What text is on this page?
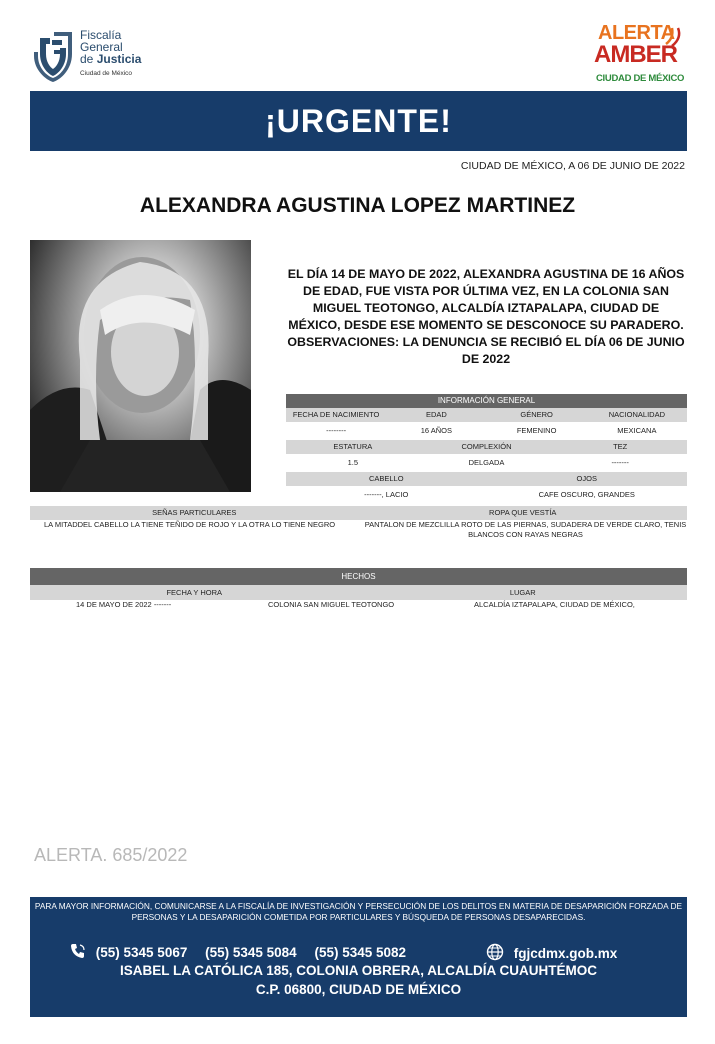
Fiscalía
General
de Justicia
Ciudad de México
ALERTA
AMBER
CIUDAD DE MÉXICO
¡URGENTE!
CIUDAD DE MÉXICO, A 06 DE JUNIO DE 2022
ALEXANDRA AGUSTINA LOPEZ MARTINEZ
EL DÍA 14 DE MAYO DE 2022, ALEXANDRA AGUSTINA DE 16 AÑOS DE EDAD, FUE VISTA POR ÚLTIMA VEZ, EN LA COLONIA SAN MIGUEL TEOTONGO, ALCALDÍA IZTAPALAPA, CIUDAD DE MÉXICO, DESDE ESE MOMENTO SE DESCONOCE SU PARADERO. OBSERVACIONES: LA DENUNCIA SE RECIBIÓ EL DÍA 06 DE JUNIO DE 2022
INFORMACIÓN GENERAL
FECHA DE NACIMIENTO	EDAD	GÉNERO	NACIONALIDAD
--------	16 AÑOS	FEMENINO	MEXICANA
ESTATURA	COMPLEXIÓN	TEZ
1.5	DELGADA	-------
CABELLO	OJOS
-------, LACIO	CAFE OSCURO, GRANDES
SEÑAS PARTICULARES	ROPA QUE VESTÍA
LA MITADDEL CABELLO LA TIENE TEÑIDO DE ROJO Y LA OTRA LO TIENE NEGRO	PANTALON DE MEZCLILLA ROTO DE LAS PIERNAS, SUDADERA DE VERDE CLARO, TENIS BLANCOS CON RAYAS NEGRAS
HECHOS
FECHA Y HORA	LUGAR
14 DE MAYO DE 2022 -------	COLONIA SAN MIGUEL TEOTONGO	ALCALDÍA IZTAPALAPA, CIUDAD DE MÉXICO,
ALERTA. 685/2022
PARA MAYOR INFORMACIÓN, COMUNICARSE A LA FISCALÍA DE INVESTIGACIÓN Y PERSECUCIÓN DE LOS DELITOS EN MATERIA DE DESAPARICIÓN FORZADA DE PERSONAS Y LA DESAPARICIÓN COMETIDA POR PARTICULARES Y BÚSQUEDA DE PERSONAS DESAPARECIDAS.
(55) 5345 5067 (55) 5345 5084 (55) 5345 5082	fgjcdmx.gob.mx
ISABEL LA CATÓLICA 185, COLONIA OBRERA, ALCALDÍA CUAUHTÉMOC
C.P. 06800, CIUDAD DE MÉXICO
